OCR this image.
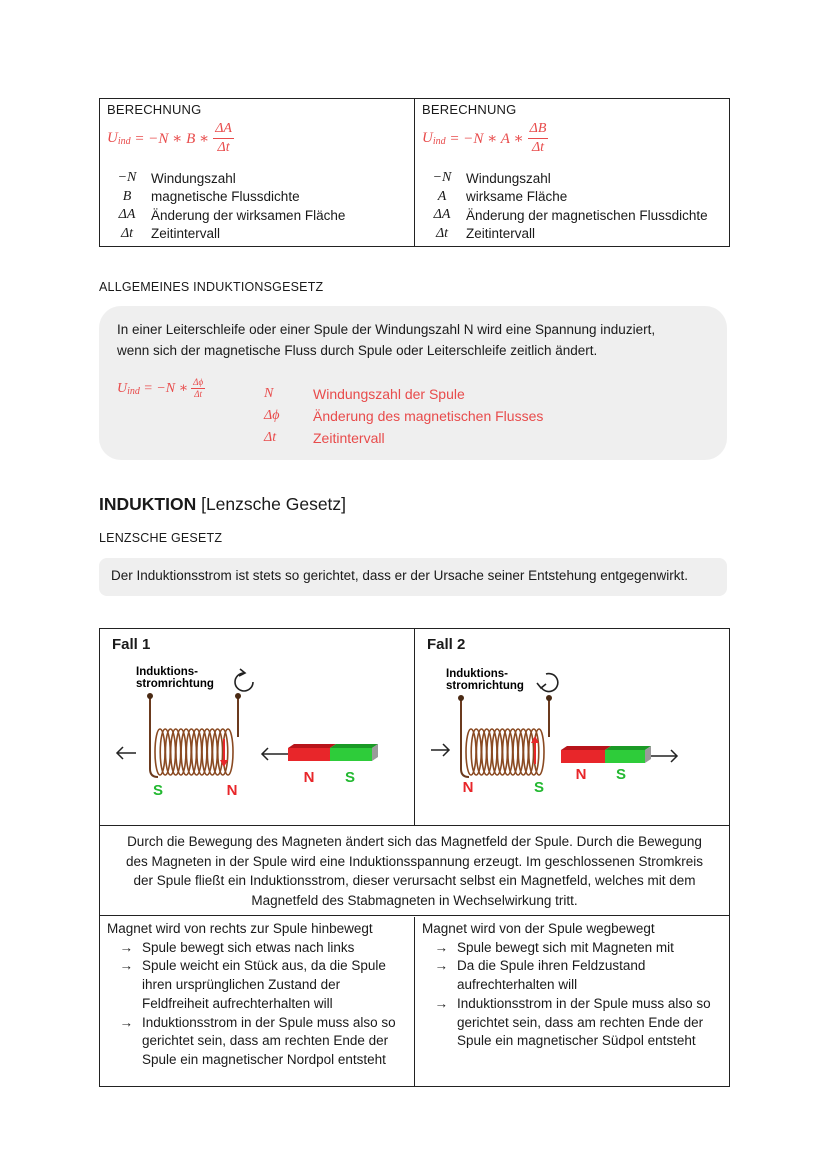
BERECHNUNG
$U_{ind} = -N$ ∗ B ∗ $\frac{\Delta A}{\Delta t}$
−N	Windungszahl
B	magnetische Flussdichte
ΔA	Änderung der wirksamen Fläche
Δt	Zeitintervall
BERECHNUNG
$U_{ind} = -N$ ∗ A ∗ $\frac{\Delta B}{\Delta t}$
−N	Windungszahl
A	wirksame Fläche
ΔA	Änderung der magnetischen Flussdichte
Δt	Zeitintervall
ALLGEMEINES INDUKTIONSGESETZ
In einer Leiterschleife oder einer Spule der Windungszahl N wird eine Spannung induziert,
wenn sich der magnetische Fluss durch Spule oder Leiterschleife zeitlich ändert.
$U_{ind} = -N$ ∗ $\frac{\Delta\phi}{\Delta t}$	N	Windungszahl der Spule
Δϕ	Änderung des magnetischen Flusses
Δt	Zeitintervall
INDUKTION [Lenzsche Gesetz]
LENZSCHE GESETZ
Der Induktionsstrom ist stets so gerichtet, dass er der Ursache seiner Entstehung entgegenwirkt.
Fall 1
Induktions-
stromrichtung
N S
S	N
Fall 2
Induktions-
stromrichtung
N S
N	S
Durch die Bewegung des Magneten ändert sich das Magnetfeld der Spule. Durch die Bewegung
des Magneten in der Spule wird eine Induktionsspannung erzeugt. Im geschlossenen Stromkreis
der Spule fließt ein Induktionsstrom, dieser verursacht selbst ein Magnetfeld, welches mit dem
Magnetfeld des Stabmagneten in Wechselwirkung tritt.
Magnet wird von rechts zur Spule hinbewegt
→ Spule bewegt sich etwas nach links
→ Spule weicht ein Stück aus, da die Spule ihren ursprünglichen Zustand der Feldfreiheit aufrechterhalten will
→ Induktionsstrom in der Spule muss also so gerichtet sein, dass am rechten Ende der Spule ein magnetischer Nordpol entsteht
Magnet wird von der Spule wegbewegt
→ Spule bewegt sich mit Magneten mit
→ Da die Spule ihren Feldzustand aufrechterhalten will
→ Induktionsstrom in der Spule muss also so gerichtet sein, dass am rechten Ende der Spule ein magnetischer Südpol entsteht
